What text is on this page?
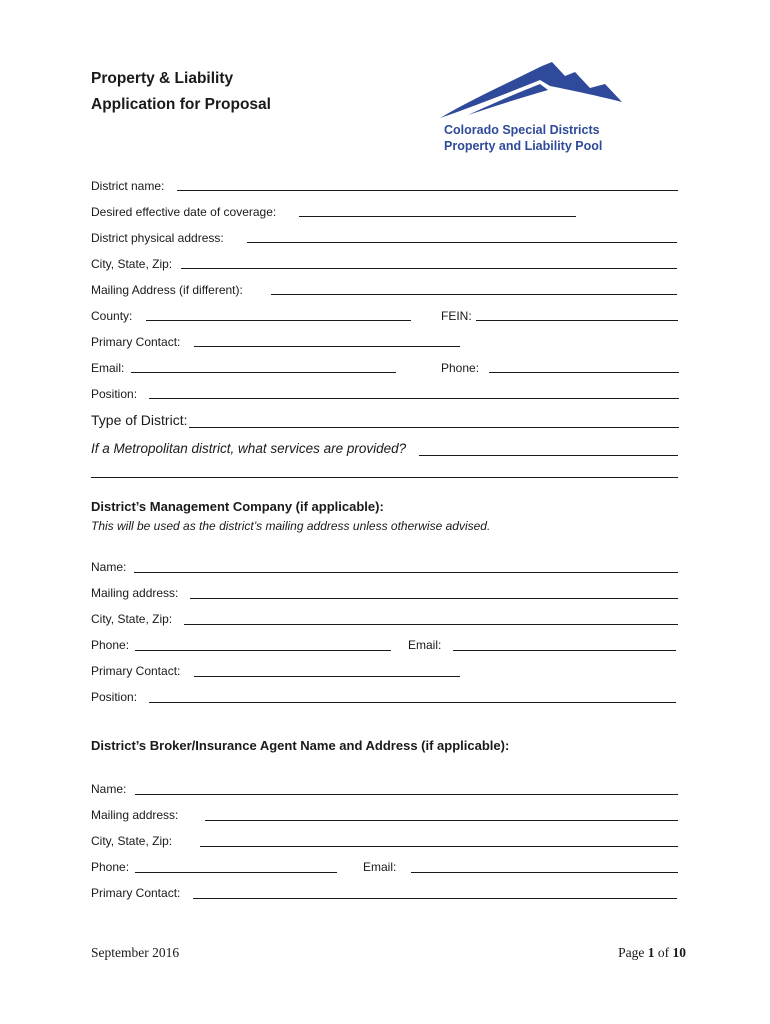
Property & Liability
Application for Proposal
Colorado Special Districts
Property and Liability Pool
District name:
Desired effective date of coverage:
District physical address:
City, State, Zip:
Mailing Address (if different):
County:	FEIN:
Primary Contact:
Email:	Phone:
Position:
Type of District:
If a Metropolitan district, what services are provided?
District’s Management Company (if applicable):
This will be used as the district’s mailing address unless otherwise advised.
Name:
Mailing address:
City, State, Zip:
Phone:	Email:
Primary Contact:
Position:
District’s Broker/Insurance Agent Name and Address (if applicable):
Name:
Mailing address:
City, State, Zip:
Phone:	Email:
Primary Contact:
September 2016	Page 1 of 10
